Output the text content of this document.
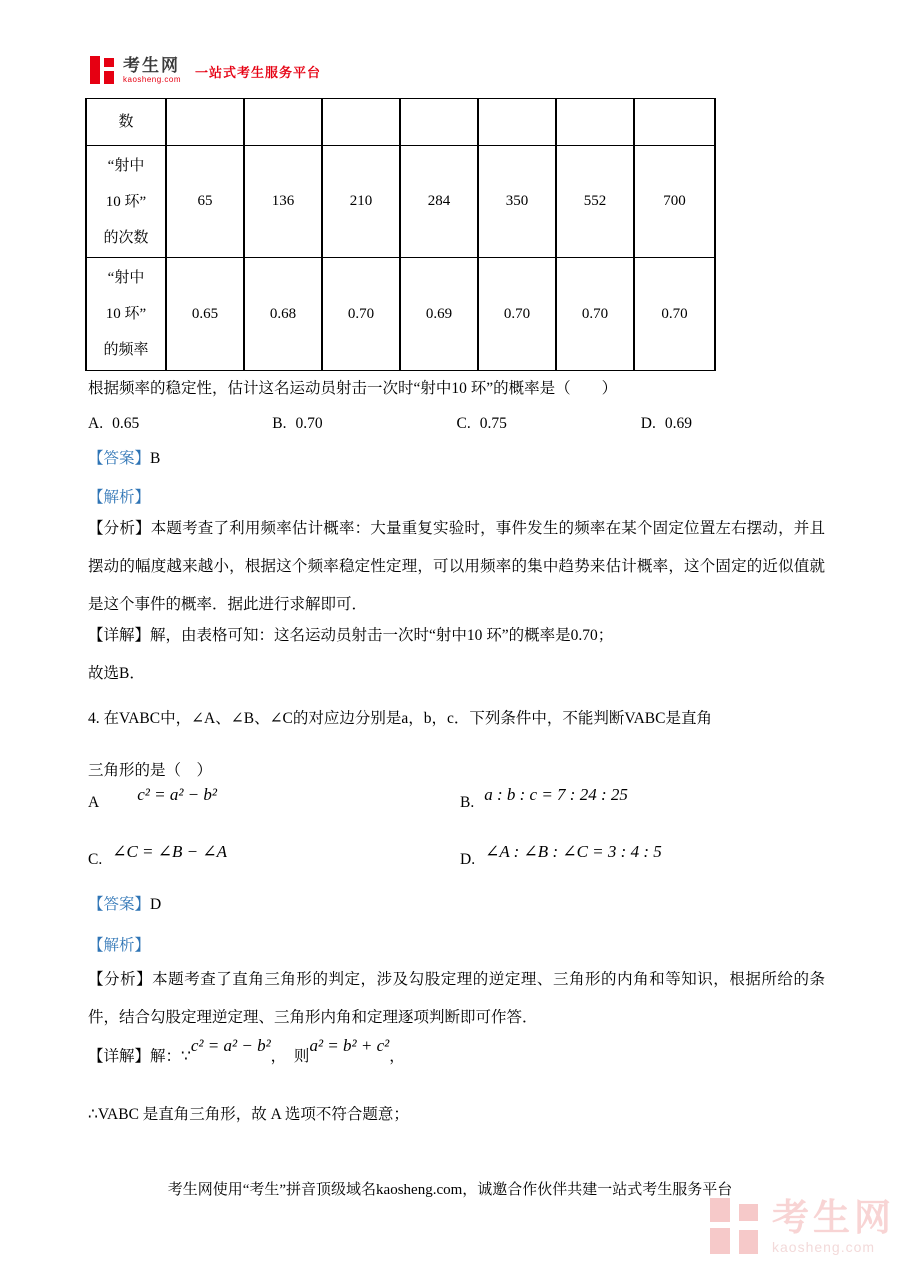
考生网
kaosheng.com 一站式考生服务平台
数							

“射中
10 环”
的次数	65	136	210	284	350	552	700

“射中
10 环”
的频率	0.65	0.68	0.70	0.69	0.70	0.70	0.70
根据频率的稳定性，估计这名运动员射击一次时“射中10 环”的概率是（　　）
A. 0.65	B. 0.70	C. 0.75	D. 0.69
【答案】B
【解析】
【分析】本题考查了利用频率估计概率：大量重复实验时，事件发生的频率在某个固定位置左右摆动，并且摆动的幅度越来越小，根据这个频率稳定性定理，可以用频率的集中趋势来估计概率，这个固定的近似值就是这个事件的概率．据此进行求解即可．
【详解】解，由表格可知：这名运动员射击一次时“射中10 环”的概率是0.70；
故选B．
4. 在VABC中，∠A、∠B、∠C的对应边分别是a，b，c．下列条件中，不能判断VABC是直角
三角形的是（　）
A c² = a² − b²	B. a : b : c = 7 : 24 : 25
C. ∠C = ∠B − ∠A	D. ∠A : ∠B : ∠C = 3 : 4 : 5
【答案】D
【解析】
【分析】本题考查了直角三角形的判定，涉及勾股定理的逆定理、三角形的内角和等知识，根据所给的条件，结合勾股定理逆定理、三角形内角和定理逐项判断即可作答．
【详解】解： ∵
c² = a² − b²
，  则
a² = b² + c²
，
∴VABC 是直角三角形，故 A 选项不符合题意；
考生网使用“考生”拼音顶级域名kaosheng.com，诚邀合作伙伴共建一站式考生服务平台
考生网
kaosheng.com
